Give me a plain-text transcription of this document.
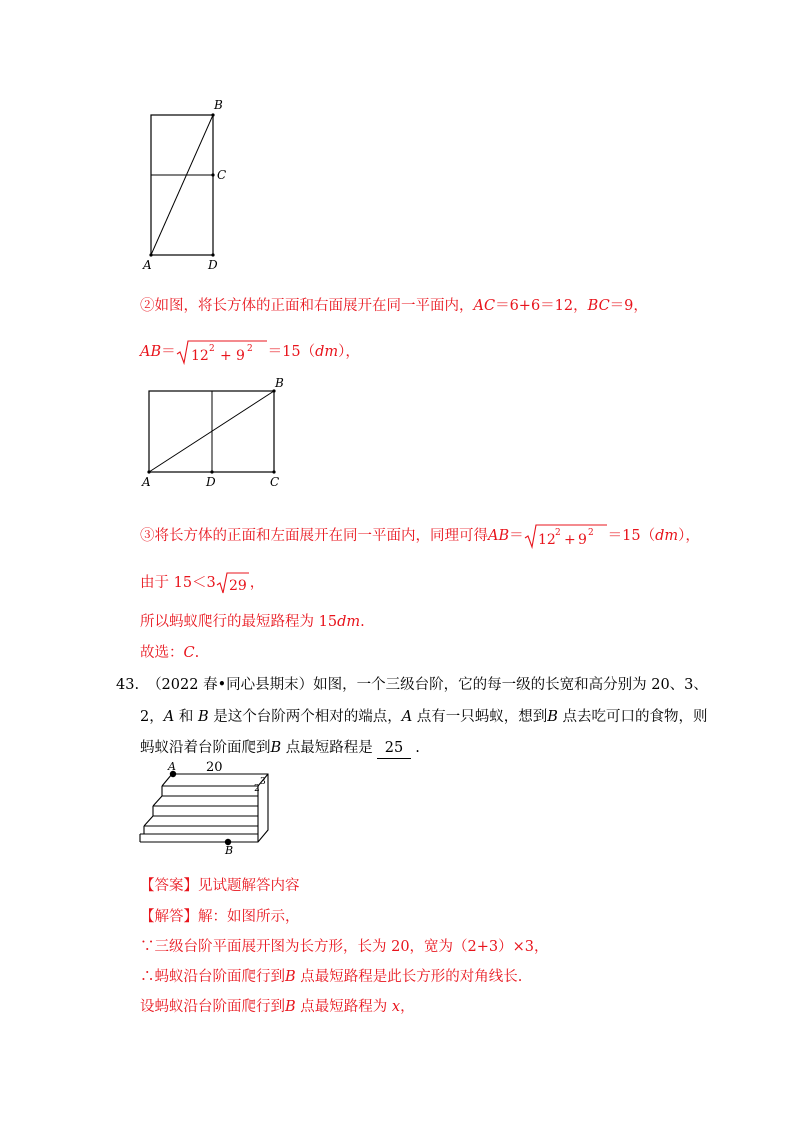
B
C
A	D
②如图，将长方体的正面和右面展开在同一平面内，AC＝6+6＝12，BC＝9，
AB＝ 12 2 + 9 2 ＝15（dm），
B
A	D	C
③将长方体的正面和左面展开在同一平面内，同理可得AB＝ 12 2 + 9 2 ＝15（dm），
由于 15＜3 29 ，
所以蚂蚁爬行的最短路程为 15dm.
故选：C.
43. （2022 春•同心县期末）如图，一个三级台阶，它的每一级的长宽和高分别为 20、3、
2，A 和 B 是这个台阶两个相对的端点，A 点有一只蚂蚁，想到B 点去吃可口的食物，则
蚂蚁沿着台阶面爬到B 点最短路程是 25 .
A 20
2
3
B
【答案】见试题解答内容
【解答】解：如图所示，
∵三级台阶平面展开图为长方形，长为 20，宽为（2+3）×3，
∴蚂蚁沿台阶面爬行到B 点最短路程是此长方形的对角线长.
设蚂蚁沿台阶面爬行到B 点最短路程为 x，
